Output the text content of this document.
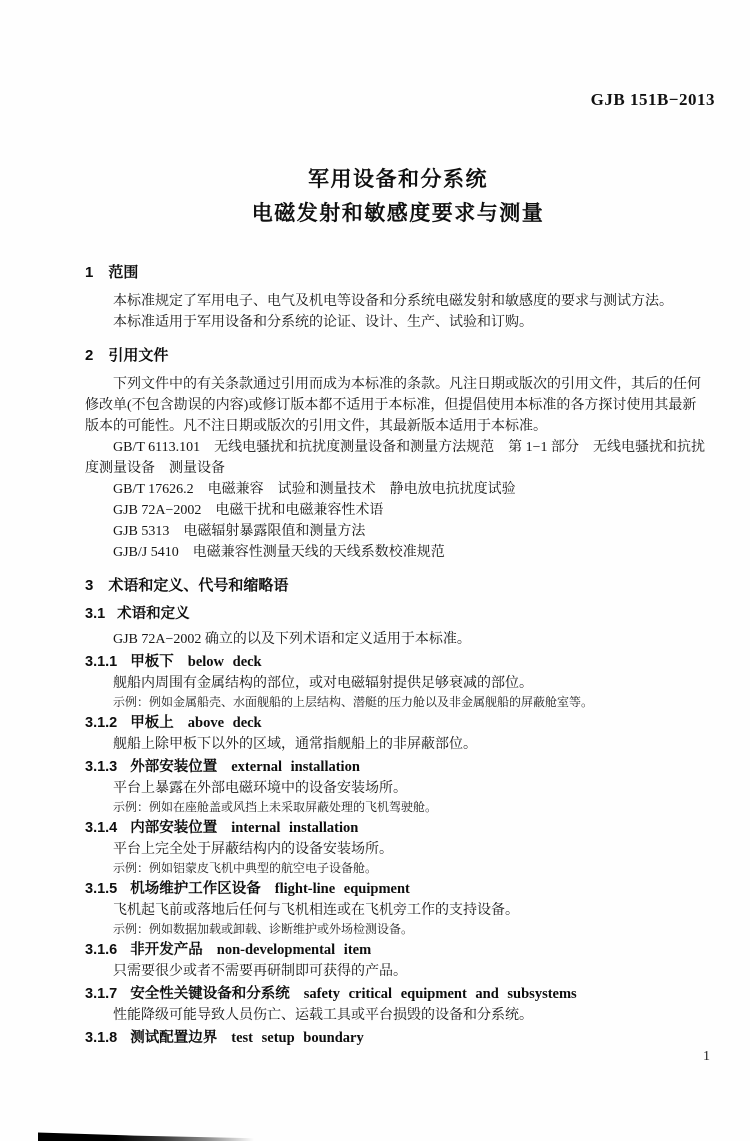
GJB 151B−2013
军用设备和分系统
电磁发射和敏感度要求与测量
1 范围
本标准规定了军用电子、电气及机电等设备和分系统电磁发射和敏感度的要求与测试方法。
本标准适用于军用设备和分系统的论证、设计、生产、试验和订购。
2 引用文件
下列文件中的有关条款通过引用而成为本标准的条款。凡注日期或版次的引用文件，其后的任何修改单(不包含勘误的内容)或修订版本都不适用于本标准，但提倡使用本标准的各方探讨使用其最新版本的可能性。凡不注日期或版次的引用文件，其最新版本适用于本标准。
GB/T 6113.101　无线电骚扰和抗扰度测量设备和测量方法规范　第 1−1 部分　无线电骚扰和抗扰度测量设备　测量设备
GB/T 17626.2　电磁兼容　试验和测量技术　静电放电抗扰度试验
GJB 72A−2002　电磁干扰和电磁兼容性术语
GJB 5313　电磁辐射暴露限值和测量方法
GJB/J 5410　电磁兼容性测量天线的天线系数校准规范
3 术语和定义、代号和缩略语
3.1 术语和定义
GJB 72A−2002 确立的以及下列术语和定义适用于本标准。
3.1.1 甲板下 below deck
舰船内周围有金属结构的部位，或对电磁辐射提供足够衰减的部位。
示例：例如金属船壳、水面舰船的上层结构、潜艇的压力舱以及非金属舰船的屏蔽舱室等。
3.1.2 甲板上 above deck
舰船上除甲板下以外的区域，通常指舰船上的非屏蔽部位。
3.1.3 外部安装位置 external installation
平台上暴露在外部电磁环境中的设备安装场所。
示例：例如在座舱盖或风挡上未采取屏蔽处理的飞机驾驶舱。
3.1.4 内部安装位置 internal installation
平台上完全处于屏蔽结构内的设备安装场所。
示例：例如铝蒙皮飞机中典型的航空电子设备舱。
3.1.5 机场维护工作区设备 flight-line equipment
飞机起飞前或落地后任何与飞机相连或在飞机旁工作的支持设备。
示例：例如数据加载或卸载、诊断维护或外场检测设备。
3.1.6 非开发产品 non-developmental item
只需要很少或者不需要再研制即可获得的产品。
3.1.7 安全性关键设备和分系统 safety critical equipment and subsystems
性能降级可能导致人员伤亡、运载工具或平台损毁的设备和分系统。
3.1.8 测试配置边界 test setup boundary
1
